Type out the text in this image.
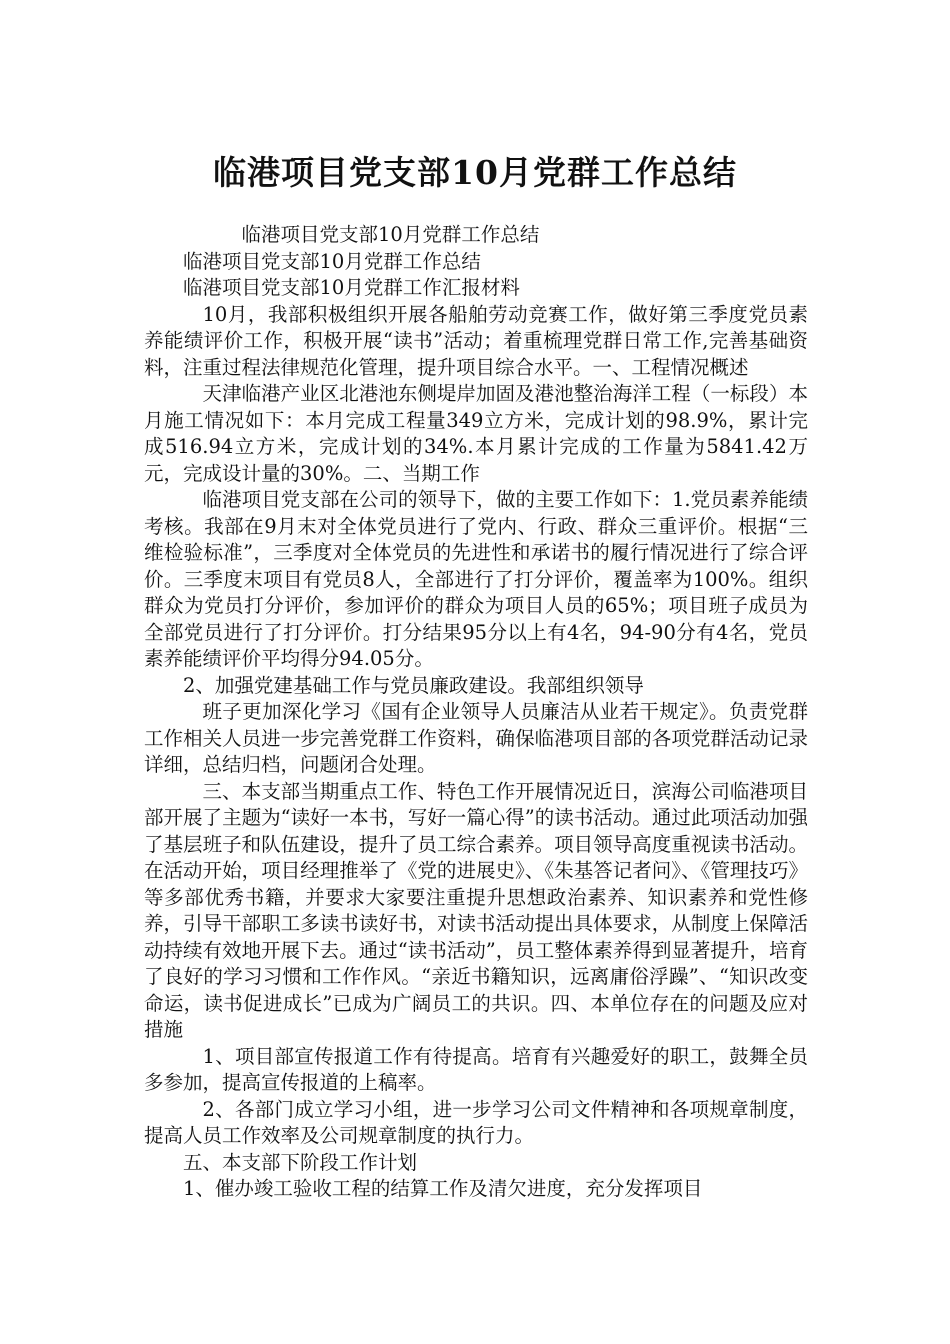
临港项目党支部10月党群工作总结

临港项目党支部10月党群工作总结

临港项目党支部10月党群工作总结

临港项目党支部10月党群工作汇报材料

10月，我部积极组织开展各船舶劳动竞赛工作，做好第三季度党员素养能绩评价工作，积极开展“读书”活动；着重梳理党群日常工作,完善基础资料，注重过程法律规范化管理，提升项目综合水平。一、工程情况概述

天津临港产业区北港池东侧堤岸加固及港池整治海洋工程（一标段）本月施工情况如下：本月完成工程量349立方米，完成计划的98.9%，累计完成516.94立方米，完成计划的34%.本月累计完成的工作量为5841.42万元，完成设计量的30%。二、当期工作

临港项目党支部在公司的领导下，做的主要工作如下：1.党员素养能绩考核。我部在9月末对全体党员进行了党内、行政、群众三重评价。根据“三维检验标准”，三季度对全体党员的先进性和承诺书的履行情况进行了综合评价。三季度末项目有党员8人，全部进行了打分评价，覆盖率为100%。组织群众为党员打分评价，参加评价的群众为项目人员的65%；项目班子成员为全部党员进行了打分评价。打分结果95分以上有4名，94-90分有4名，党员素养能绩评价平均得分94.05分。

2、加强党建基础工作与党员廉政建设。我部组织领导

班子更加深化学习《国有企业领导人员廉洁从业若干规定》。负责党群工作相关人员进一步完善党群工作资料，确保临港项目部的各项党群活动记录详细，总结归档，问题闭合处理。

三、本支部当期重点工作、特色工作开展情况近日，滨海公司临港项目部开展了主题为“读好一本书，写好一篇心得”的读书活动。通过此项活动加强了基层班子和队伍建设，提升了员工综合素养。项目领导高度重视读书活动。在活动开始，项目经理推举了《党的进展史》、《朱基答记者问》、《管理技巧》等多部优秀书籍，并要求大家要注重提升思想政治素养、知识素养和党性修养，引导干部职工多读书读好书，对读书活动提出具体要求，从制度上保障活动持续有效地开展下去。通过“读书活动”，员工整体素养得到显著提升，培育了良好的学习习惯和工作作风。“亲近书籍知识，远离庸俗浮躁”、“知识改变命运，读书促进成长”已成为广阔员工的共识。四、本单位存在的问题及应对措施

1、项目部宣传报道工作有待提高。培育有兴趣爱好的职工，鼓舞全员多参加，提高宣传报道的上稿率。

2、各部门成立学习小组，进一步学习公司文件精神和各项规章制度，提高人员工作效率及公司规章制度的执行力。

五、本支部下阶段工作计划

1、催办竣工验收工程的结算工作及清欠进度，充分发挥项目
